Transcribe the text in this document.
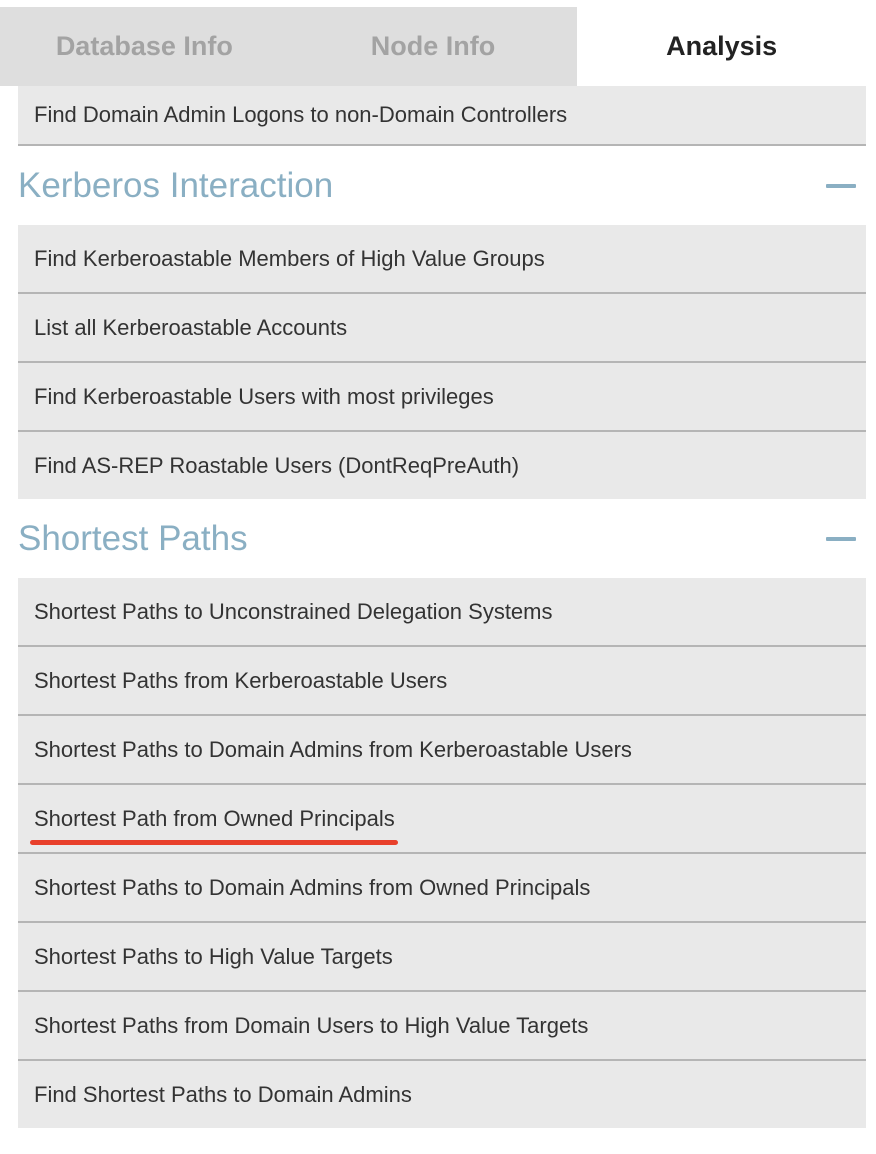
Database Info	Node Info	Analysis
Find Domain Admin Logons to non-Domain Controllers
Kerberos Interaction
Find Kerberoastable Members of High Value Groups
List all Kerberoastable Accounts
Find Kerberoastable Users with most privileges
Find AS-REP Roastable Users (DontReqPreAuth)
Shortest Paths
Shortest Paths to Unconstrained Delegation Systems
Shortest Paths from Kerberoastable Users
Shortest Paths to Domain Admins from Kerberoastable Users
Shortest Path from Owned Principals
Shortest Paths to Domain Admins from Owned Principals
Shortest Paths to High Value Targets
Shortest Paths from Domain Users to High Value Targets
Find Shortest Paths to Domain Admins
